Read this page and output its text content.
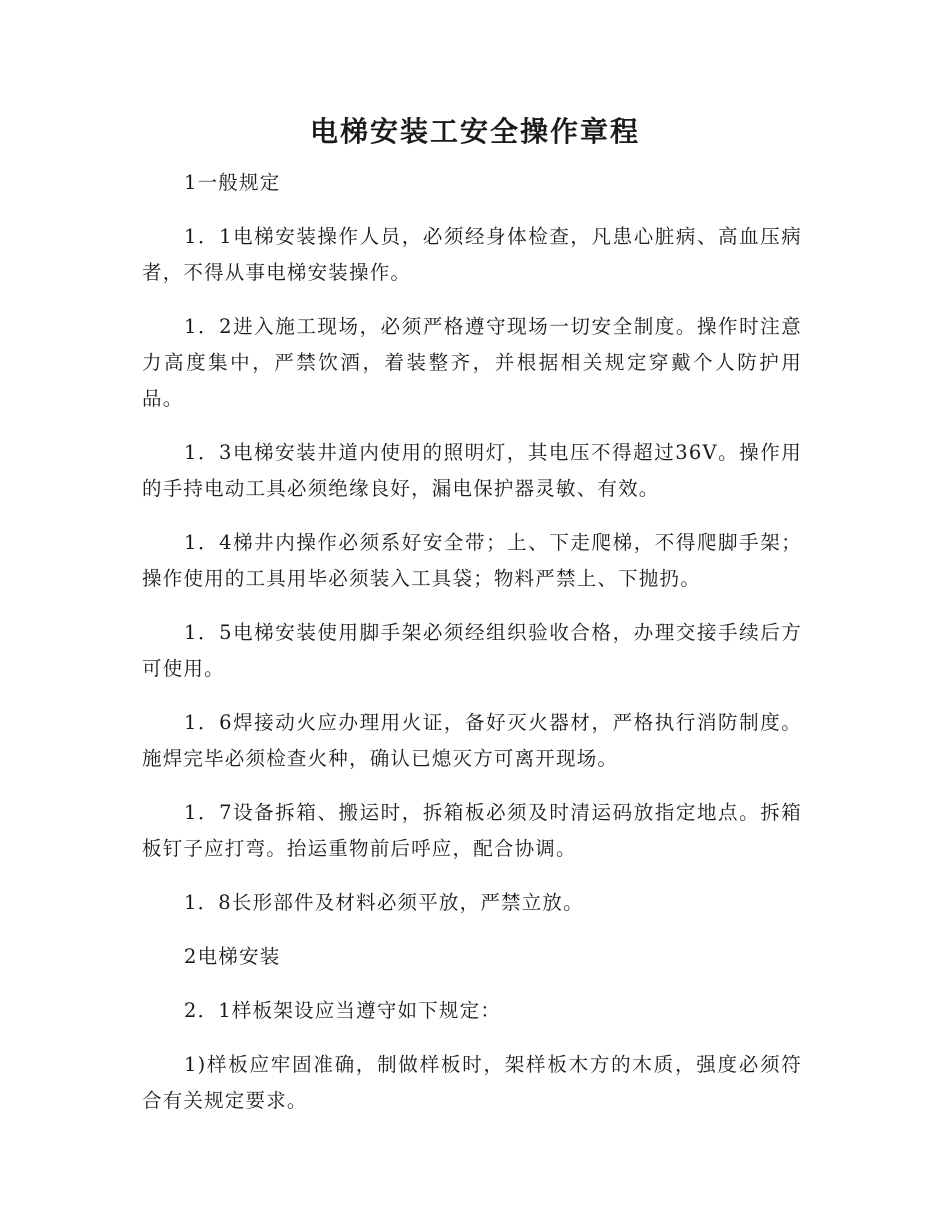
电梯安装工安全操作章程

1一般规定

1．1电梯安装操作人员，必须经身体检查，凡患心脏病、高血压病者，不得从事电梯安装操作。

1．2进入施工现场，必须严格遵守现场一切安全制度。操作时注意力高度集中，严禁饮酒，着装整齐，并根据相关规定穿戴个人防护用品。

1．3电梯安装井道内使用的照明灯，其电压不得超过36V。操作用的手持电动工具必须绝缘良好，漏电保护器灵敏、有效。

1．4梯井内操作必须系好安全带；上、下走爬梯，不得爬脚手架；操作使用的工具用毕必须装入工具袋；物料严禁上、下抛扔。

1．5电梯安装使用脚手架必须经组织验收合格，办理交接手续后方可使用。

1．6焊接动火应办理用火证，备好灭火器材，严格执行消防制度。施焊完毕必须检查火种，确认已熄灭方可离开现场。

1．7设备拆箱、搬运时，拆箱板必须及时清运码放指定地点。拆箱板钉子应打弯。抬运重物前后呼应，配合协调。

1．8长形部件及材料必须平放，严禁立放。

2电梯安装

2．1样板架设应当遵守如下规定：

1)样板应牢固准确，制做样板时，架样板木方的木质，强度必须符合有关规定要求。
